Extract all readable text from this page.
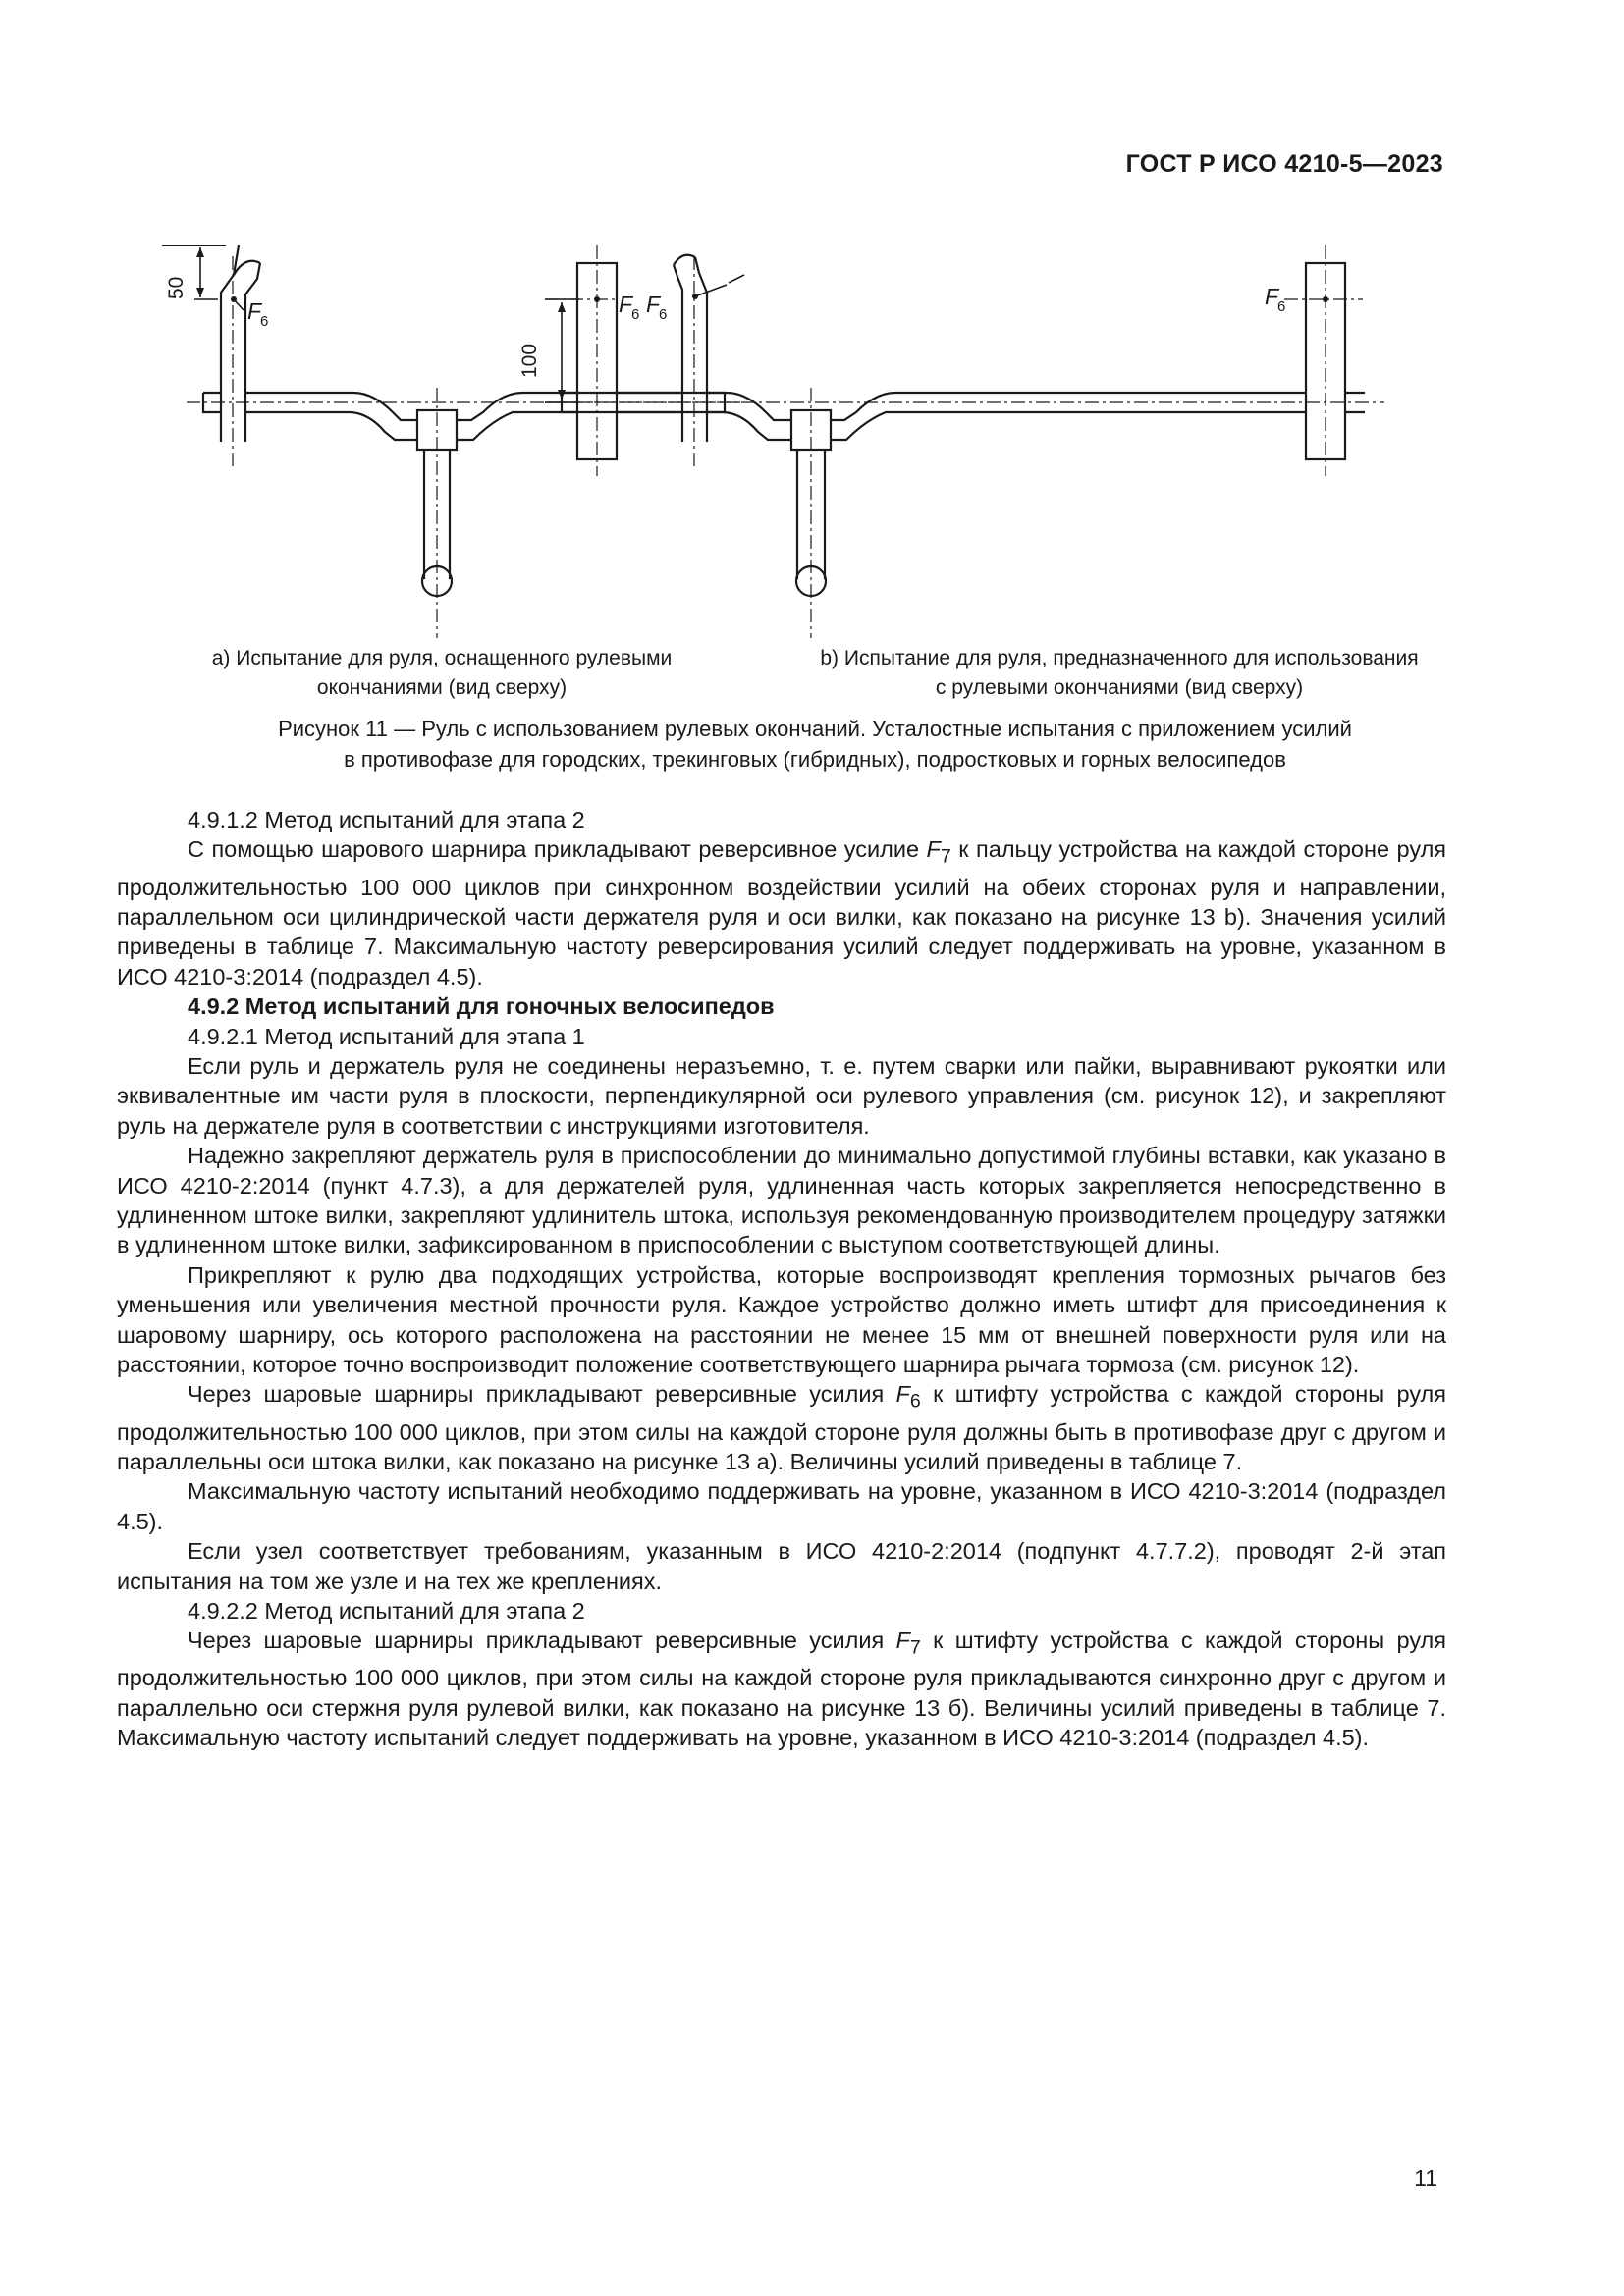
ГОСТ Р ИСО 4210-5—2023
50
100
F
6
F
6
F
6
F
6
a) Испытание для руля, оснащенного рулевыми
окончаниями (вид сверху)
b) Испытание для руля, предназначенного для использования
с рулевыми окончаниями (вид сверху)
Рисунок 11 — Руль с использованием рулевых окончаний. Усталостные испытания с приложением усилий
в противофазе для городских, трекинговых (гибридных), подростковых и горных велосипедов

4.9.1.2 Метод испытаний для этапа 2

С помощью шарового шарнира прикладывают реверсивное усилие $F_7$ к пальцу устройства на каждой стороне руля продолжительностью 100 000 циклов при синхронном воздействии усилий на обеих сторонах руля и направлении, параллельном оси цилиндрической части держателя руля и оси вилки, как показано на рисунке 13 b). Значения усилий приведены в таблице 7. Максимальную частоту реверсирования усилий следует поддерживать на уровне, указанном в ИСО 4210-3:2014 (подраздел 4.5).

4.9.2 Метод испытаний для гоночных велосипедов

4.9.2.1 Метод испытаний для этапа 1

Если руль и держатель руля не соединены неразъемно, т. е. путем сварки или пайки, выравнивают рукоятки или эквивалентные им части руля в плоскости, перпендикулярной оси рулевого управления (см. рисунок 12), и закрепляют руль на держателе руля в соответствии с инструкциями изготовителя.

Надежно закрепляют держатель руля в приспособлении до минимально допустимой глубины вставки, как указано в ИСО 4210-2:2014 (пункт 4.7.3), а для держателей руля, удлиненная часть которых закрепляется непосредственно в удлиненном штоке вилки, закрепляют удлинитель штока, используя рекомендованную производителем процедуру затяжки в удлиненном штоке вилки, зафиксированном в приспособлении с выступом соответствующей длины.

Прикрепляют к рулю два подходящих устройства, которые воспроизводят крепления тормозных рычагов без уменьшения или увеличения местной прочности руля. Каждое устройство должно иметь штифт для присоединения к шаровому шарниру, ось которого расположена на расстоянии не менее 15 мм от внешней поверхности руля или на расстоянии, которое точно воспроизводит положение соответствующего шарнира рычага тормоза (см. рисунок 12).

Через шаровые шарниры прикладывают реверсивные усилия $F_6$ к штифту устройства с каждой стороны руля продолжительностью 100 000 циклов, при этом силы на каждой стороне руля должны быть в противофазе друг с другом и параллельны оси штока вилки, как показано на рисунке 13 a). Величины усилий приведены в таблице 7.

Максимальную частоту испытаний необходимо поддерживать на уровне, указанном в ИСО 4210-3:2014 (подраздел 4.5).

Если узел соответствует требованиям, указанным в ИСО 4210-2:2014 (подпункт 4.7.7.2), проводят 2-й этап испытания на том же узле и на тех же креплениях.

4.9.2.2 Метод испытаний для этапа 2

Через шаровые шарниры прикладывают реверсивные усилия $F_7$ к штифту устройства с каждой стороны руля продолжительностью 100 000 циклов, при этом силы на каждой стороне руля прикладываются синхронно друг с другом и параллельно оси стержня руля рулевой вилки, как показано на рисунке 13 б). Величины усилий приведены в таблице 7. Максимальную частоту испытаний следует поддерживать на уровне, указанном в ИСО 4210-3:2014 (подраздел 4.5).

11
